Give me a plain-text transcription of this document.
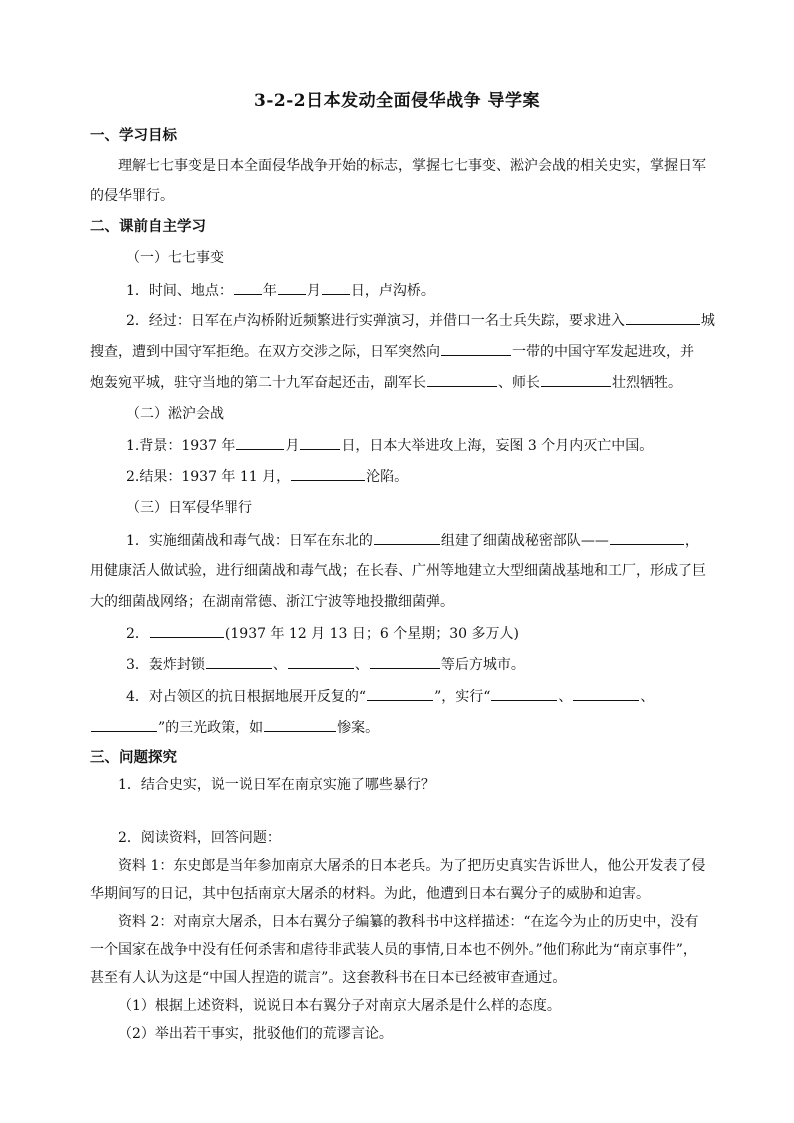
3-2-2日本发动全面侵华战争 导学案
一、学习目标
理解七七事变是日本全面侵华战争开始的标志，掌握七七事变、淞沪会战的相关史实，掌握日军
的侵华罪行。
二、课前自主学习
（一）七七事变
1．时间、地点： 年 月 日，卢沟桥。
2．经过：日军在卢沟桥附近频繁进行实弹演习，并借口一名士兵失踪，要求进入	城
搜查，遭到中国守军拒绝。在双方交涉之际，日军突然向	一带的中国守军发起进攻，并
炮轰宛平城，驻守当地的第二十九军奋起还击，副军长	、师长	壮烈牺牲。
（二）淞沪会战
1.背景：1937 年	月	日，日本大举进攻上海，妄图 3 个月内灭亡中国。
2.结果：1937 年 11 月，	沦陷。
（三）日军侵华罪行
1．实施细菌战和毒气战：日军在东北的	组建了细菌战秘密部队——	，
用健康活人做试验，进行细菌战和毒气战；在长春、广州等地建立大型细菌战基地和工厂，形成了巨
大的细菌战网络；在湖南常德、浙江宁波等地投撒细菌弹。
2．	(1937 年 12 月 13 日；6 个星期；30 多万人)
3．轰炸封锁	、	、	等后方城市。
4．对占领区的抗日根据地展开反复的“	”，实行“	、	、
”的三光政策，如	惨案。
三、问题探究
1．结合史实，说一说日军在南京实施了哪些暴行？
2．阅读资料，回答问题：
资料 1：东史郎是当年参加南京大屠杀的日本老兵。为了把历史真实告诉世人，他公开发表了侵
华期间写的日记，其中包括南京大屠杀的材料。为此，他遭到日本右翼分子的威胁和迫害。
资料 2：对南京大屠杀，日本右翼分子编纂的教科书中这样描述：“在迄今为止的历史中，没有
一个国家在战争中没有任何杀害和虐待非武装人员的事情,日本也不例外。”他们称此为“南京事件”，
甚至有人认为这是“中国人捏造的谎言”。这套教科书在日本已经被审查通过。
（1）根据上述资料，说说日本右翼分子对南京大屠杀是什么样的态度。
（2）举出若干事实，批驳他们的荒谬言论。
